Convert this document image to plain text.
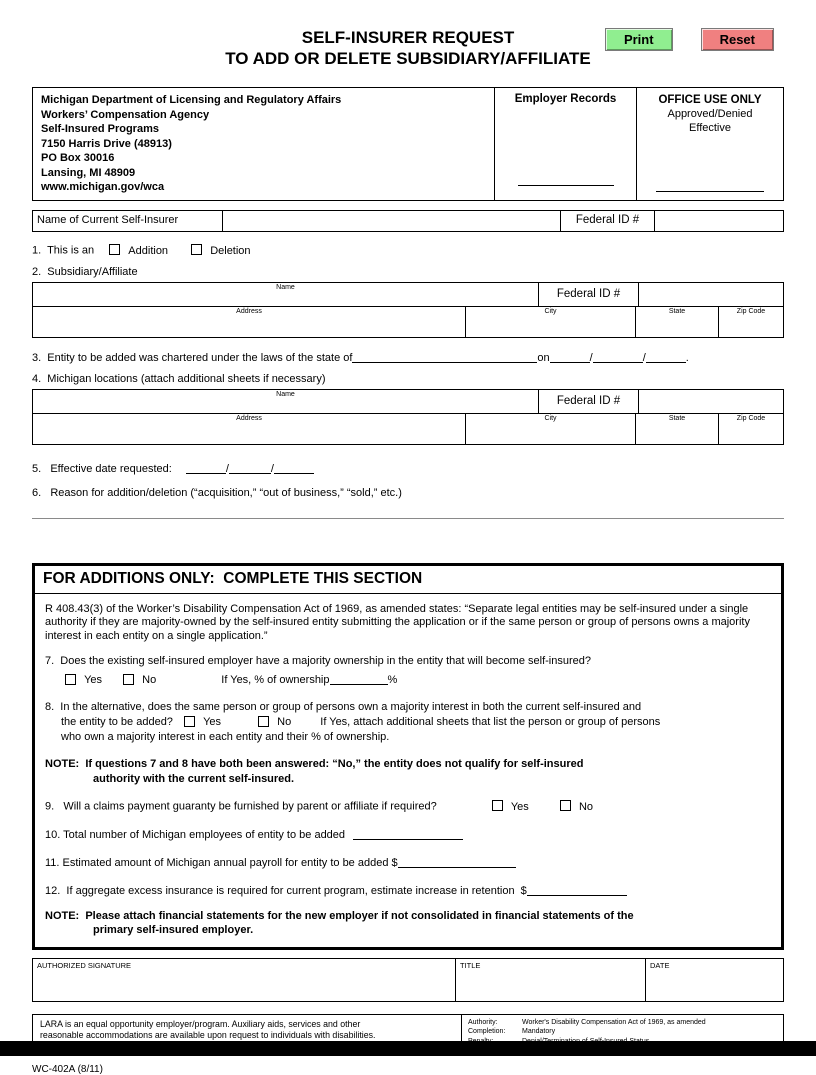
Print	Reset
SELF-INSURER REQUEST
TO ADD OR DELETE SUBSIDIARY/AFFILIATE
Michigan Department of Licensing and Regulatory Affairs
Workers’ Compensation Agency
Self-Insured Programs
7150 Harris Drive (48913)
PO Box 30016
Lansing, MI 48909
www.michigan.gov/wca
Employer Records	OFFICE USE ONLY
Approved/Denied
Effective
Name of Current Self-Insurer	Federal ID #
1.  This is an	Addition	Deletion
2.  Subsidiary/Affiliate
Name
Federal ID #
Address	City	State	Zip Code
3.  Entity to be added was chartered under the laws of the state of	on	/	/	.
4.  Michigan locations (attach additional sheets if necessary)
Name
Federal ID #
Address	City	State	Zip Code
5.   Effective date requested:	/	/
6.   Reason for addition/deletion (“acquisition,” “out of business,” “sold,” etc.)
FOR ADDITIONS ONLY:  COMPLETE THIS SECTION
R 408.43(3) of the Worker’s Disability Compensation Act of 1969, as amended states: “Separate legal entities may be self-insured under a single authority if they are majority-owned by the self-insured entity submitting the application or if the same person or group of persons owns a majority interest in each entity on a single application.”
7.  Does the existing self-insured employer have a majority ownership in the entity that will become self-insured?
Yes	No	If Yes, % of ownership	%
8.  In the alternative, does the same person or group of persons own a majority interest in both the current self-insured and
the entity to be added?	Yes	No	If Yes, attach additional sheets that list the person or group of persons
who own a majority interest in each entity and their % of ownership.
NOTE:  If questions 7 and 8 have both been answered: “No,” the entity does not qualify for self-insured
authority with the current self-insured.
9.   Will a claims payment guaranty be furnished by parent or affiliate if required?	Yes	No
10. Total number of Michigan employees of entity to be added
11. Estimated amount of Michigan annual payroll for entity to be added $
12.  If aggregate excess insurance is required for current program, estimate increase in retention  $
NOTE:  Please attach financial statements for the new employer if not consolidated in financial statements of the
primary self-insured employer.
AUTHORIZED SIGNATURE	TITLE	DATE
LARA is an equal opportunity employer/program. Auxiliary aids, services and other
reasonable accommodations are available upon request to individuals with disabilities.
Authority:	Worker's Disability Compensation Act of 1969, as amended
Completion:	Mandatory
WC-402A (8/11)
